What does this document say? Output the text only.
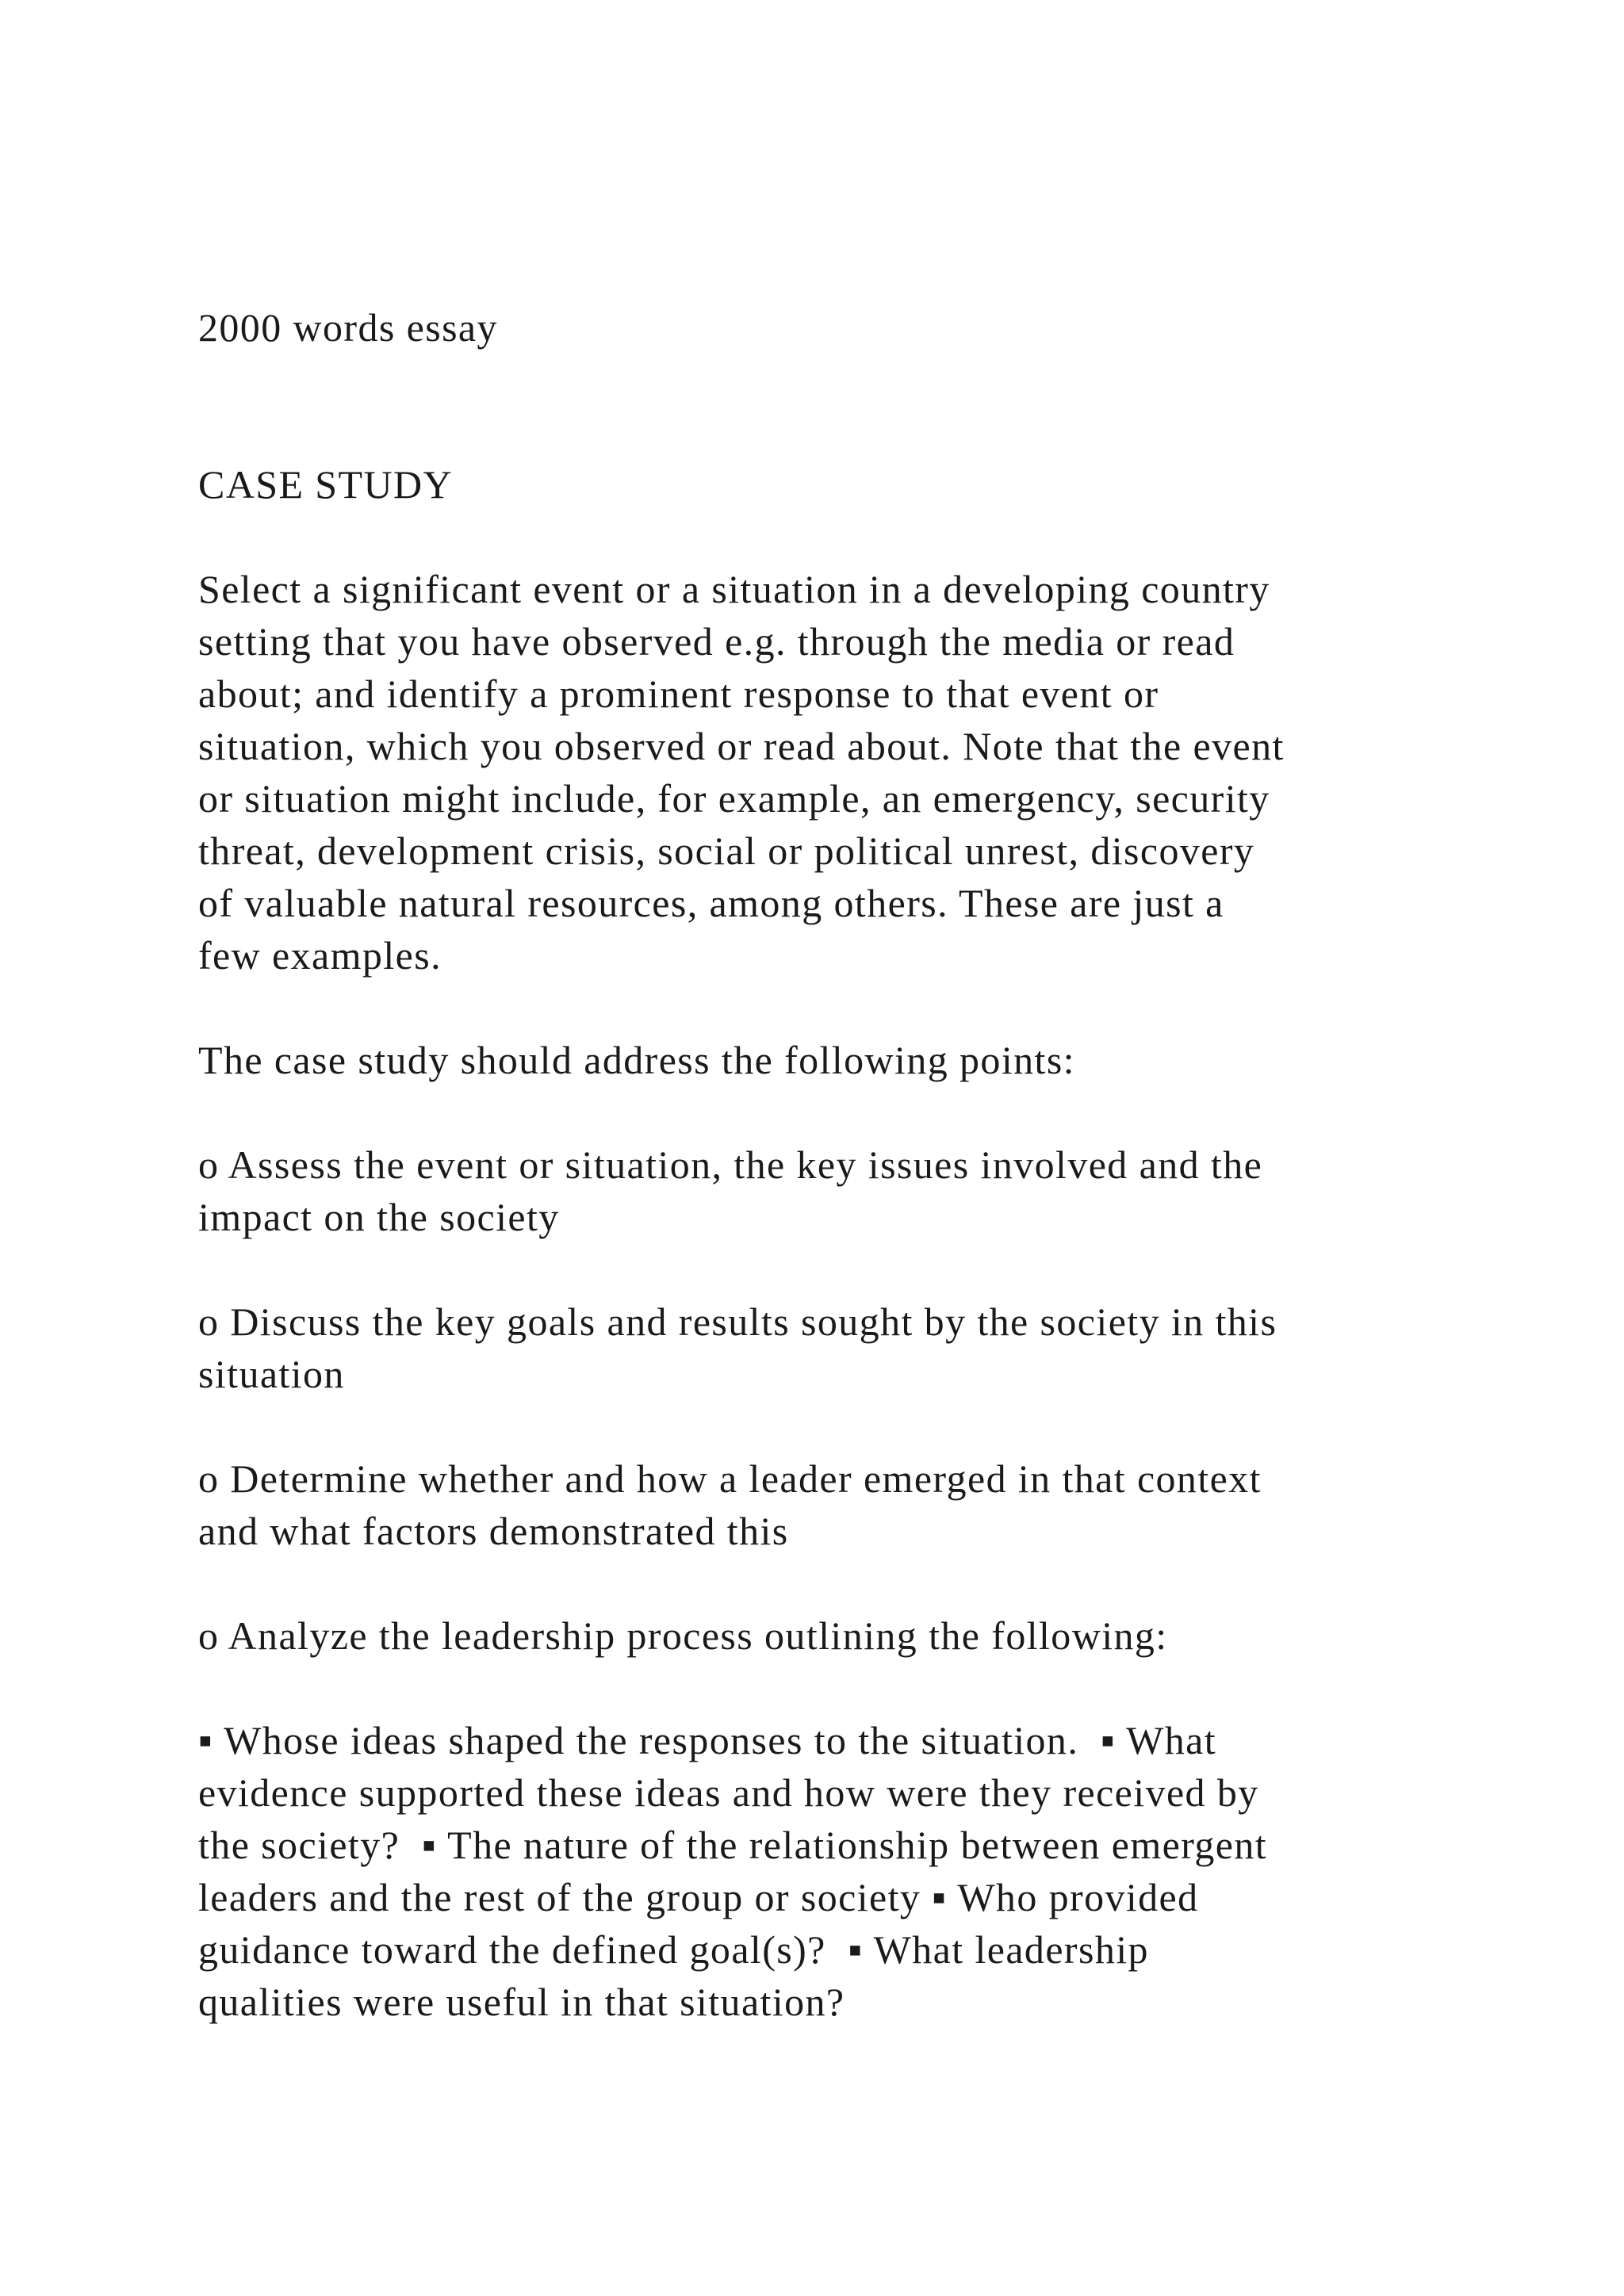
2000 words essay

CASE STUDY

Select a significant event or a situation in a developing country

setting that you have observed e.g. through the media or read

about; and identify a prominent response to that event or

situation, which you observed or read about. Note that the event

or situation might include, for example, an emergency, security

threat, development crisis, social or political unrest, discovery

of valuable natural resources, among others. These are just a

few examples.

The case study should address the following points:

o Assess the event or situation, the key issues involved and the

impact on the society

o Discuss the key goals and results sought by the society in this

situation

o Determine whether and how a leader emerged in that context

and what factors demonstrated this

o Analyze the leadership process outlining the following:

▪ Whose ideas shaped the responses to the situation.  ▪ What

evidence supported these ideas and how were they received by

the society?  ▪ The nature of the relationship between emergent

leaders and the rest of the group or society ▪ Who provided

guidance toward the defined goal(s)?  ▪ What leadership

qualities were useful in that situation?
